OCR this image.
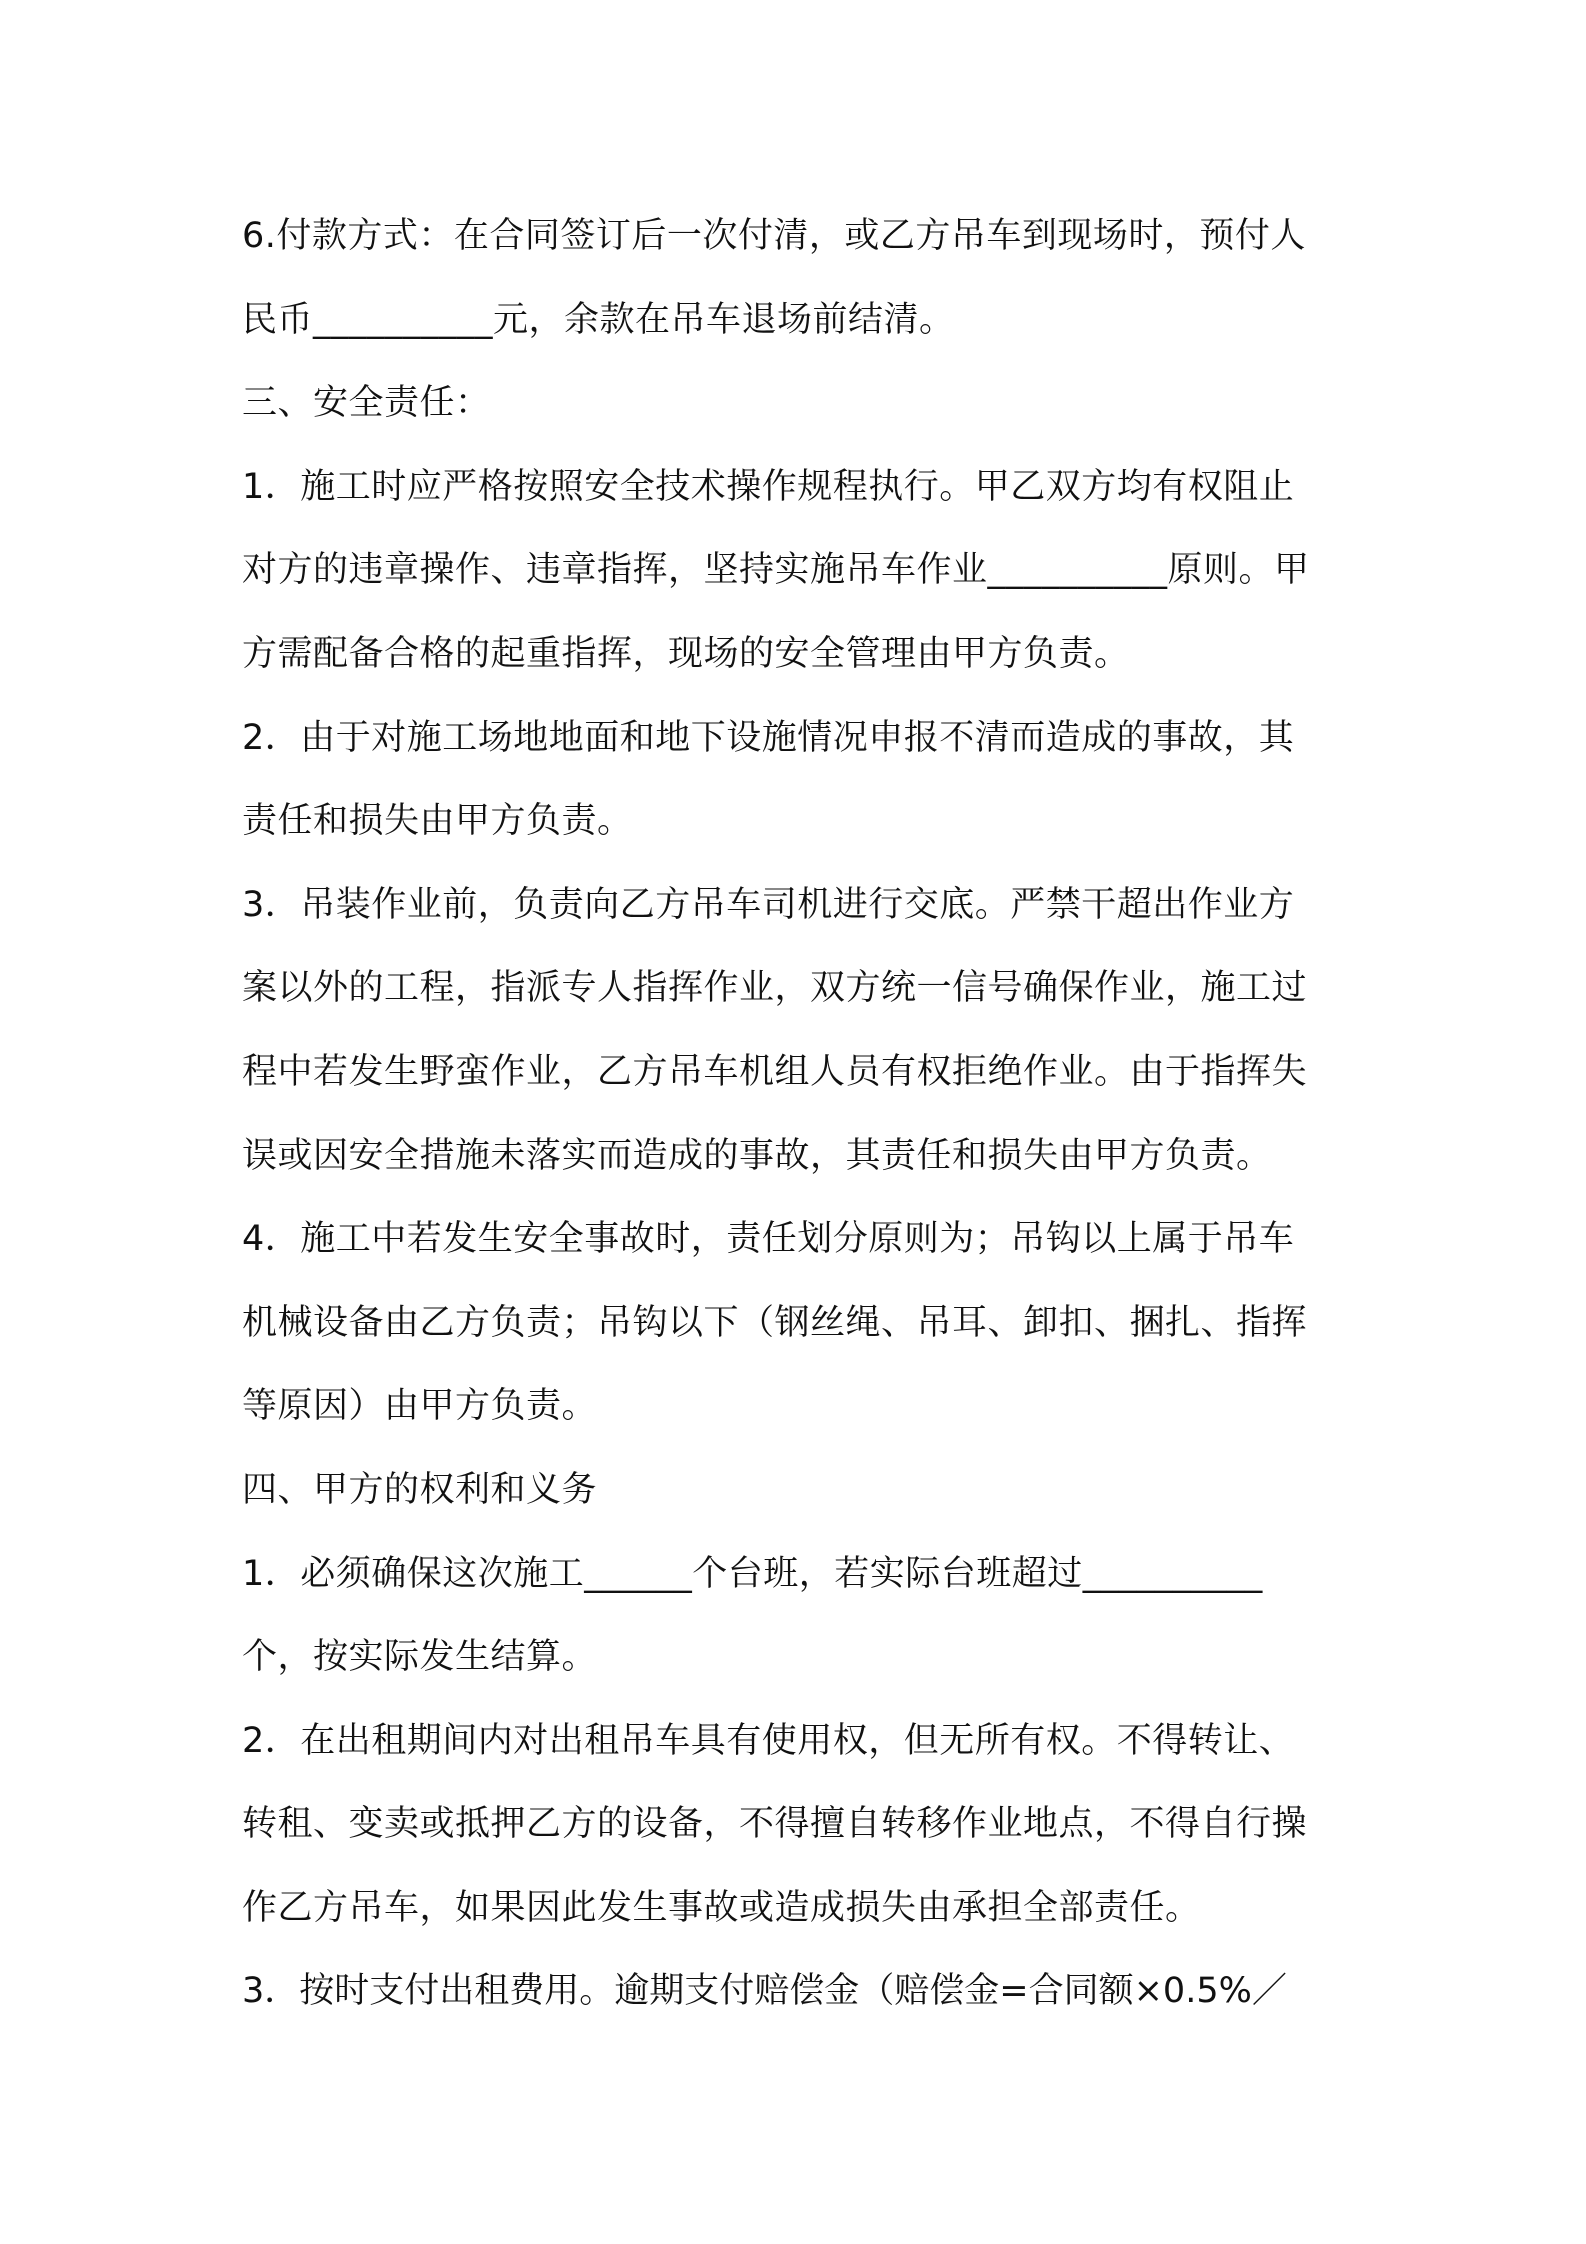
6.付款方式：在合同签订后一次付清，或乙方吊车到现场时，预付人
民币__________元，余款在吊车退场前结清。
三、安全责任：
1．施工时应严格按照安全技术操作规程执行。甲乙双方均有权阻止
对方的违章操作、违章指挥，坚持实施吊车作业__________原则。甲
方需配备合格的起重指挥，现场的安全管理由甲方负责。
2．由于对施工场地地面和地下设施情况申报不清而造成的事故，其
责任和损失由甲方负责。
3．吊装作业前，负责向乙方吊车司机进行交底。严禁干超出作业方
案以外的工程，指派专人指挥作业，双方统一信号确保作业，施工过
程中若发生野蛮作业，乙方吊车机组人员有权拒绝作业。由于指挥失
误或因安全措施未落实而造成的事故，其责任和损失由甲方负责。
4．施工中若发生安全事故时，责任划分原则为；吊钩以上属于吊车
机械设备由乙方负责；吊钩以下（钢丝绳、吊耳、卸扣、捆扎、指挥
等原因）由甲方负责。
四、甲方的权利和义务
1．必须确保这次施工______个台班，若实际台班超过__________
个，按实际发生结算。
2．在出租期间内对出租吊车具有使用权，但无所有权。不得转让、
转租、变卖或抵押乙方的设备，不得擅自转移作业地点，不得自行操
作乙方吊车，如果因此发生事故或造成损失由承担全部责任。
3．按时支付出租费用。逾期支付赔偿金（赔偿金=合同额×0.5%／
